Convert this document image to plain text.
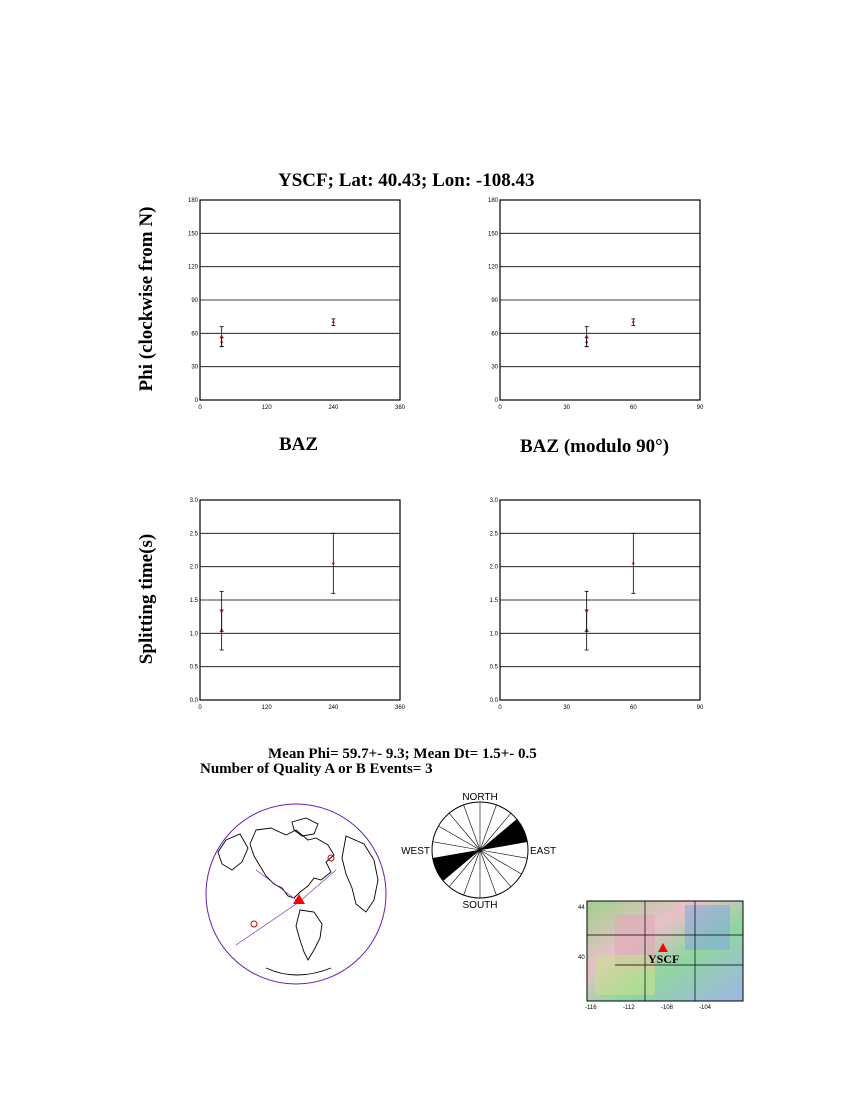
YSCF; Lat: 40.43; Lon: -108.43
Phi (clockwise from N)
Splitting time(s)
BAZ	BAZ (modulo 90°)
0
30
60
90
120
150
180
0	120	240	360
0
30
60
90
120
150
180
0	30	60	90
0.0
0.5
1.0
1.5
2.0
2.5
3.0
0	120	240	360
0.0
0.5
1.0
1.5
2.0
2.5
3.0
0	30	60	90
Mean Phi= 59.7+- 9.3; Mean Dt= 1.5+- 0.5
Number of Quality A or B Events= 3
NORTH
SOUTH
EAST
WEST
YSCF
44
40
-116	-112	-108	-104
